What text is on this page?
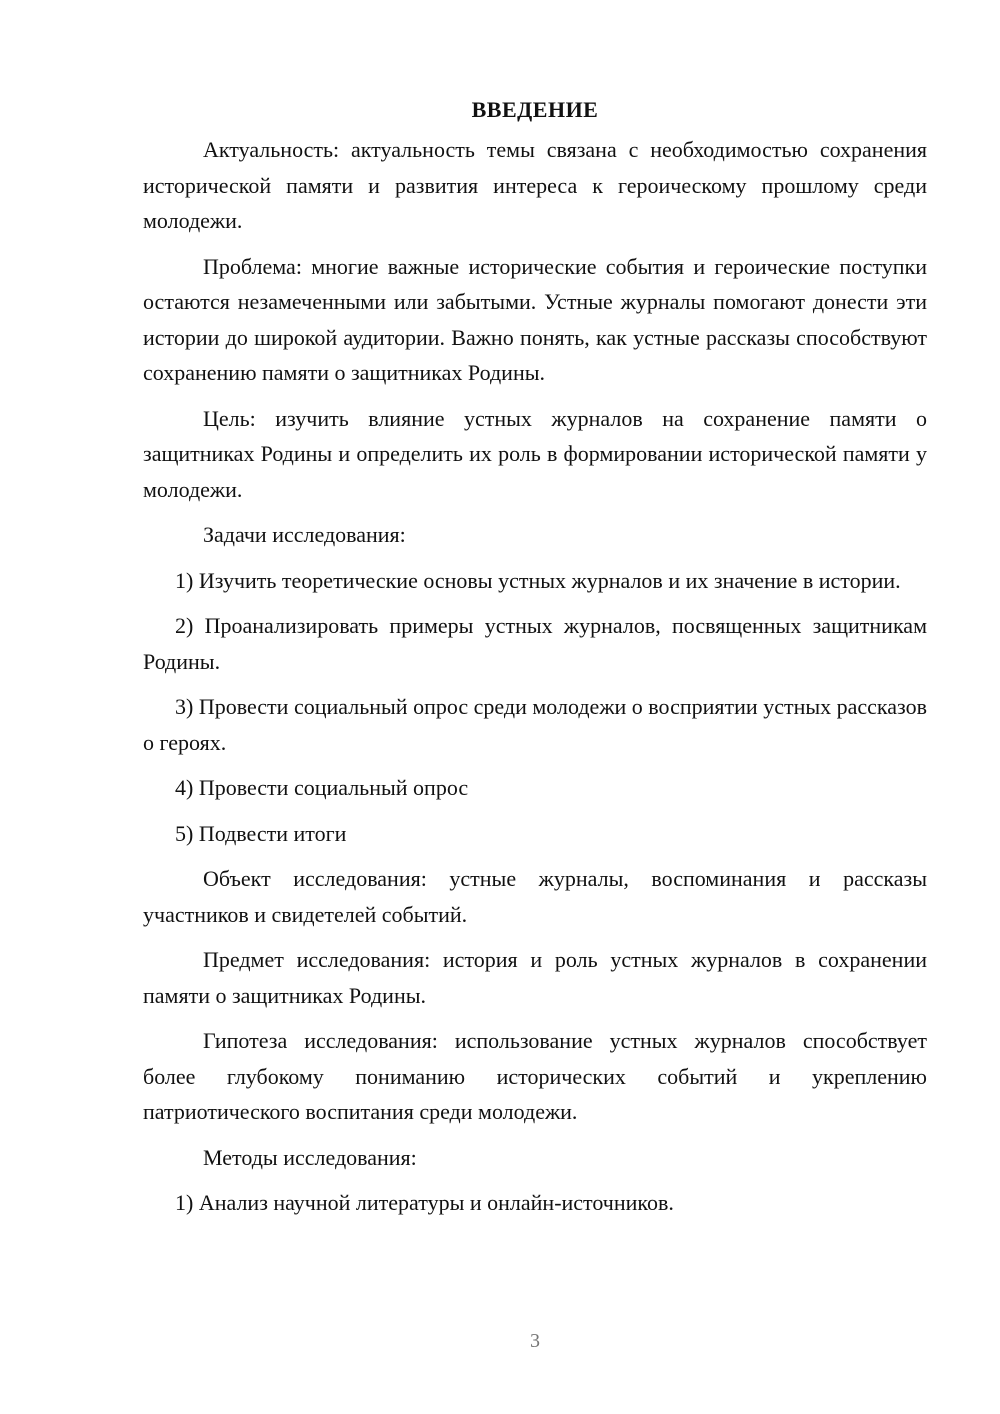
ВВЕДЕНИЕ

Актуальность: актуальность темы связана с необходимостью сохранения исторической памяти и развития интереса к героическому прошлому среди молодежи.

Проблема: многие важные исторические события и героические поступки остаются незамеченными или забытыми. Устные журналы помогают донести эти истории до широкой аудитории. Важно понять, как устные рассказы способствуют сохранению памяти о защитниках Родины.

Цель: изучить влияние устных журналов на сохранение памяти о защитниках Родины и определить их роль в формировании исторической памяти у молодежи.

Задачи исследования:

1) Изучить теоретические основы устных журналов и их значение в истории.

2) Проанализировать примеры устных журналов, посвященных защитникам Родины.

3) Провести социальный опрос среди молодежи о восприятии устных рассказов о героях.

4) Провести социальный опрос

5) Подвести итоги

Объект исследования: устные журналы, воспоминания и рассказы участников и свидетелей событий.

Предмет исследования: история и роль устных журналов в сохранении памяти о защитниках Родины.

Гипотеза исследования: использование устных журналов способствует более глубокому пониманию исторических событий и укреплению патриотического воспитания среди молодежи.

Методы исследования:

1) Анализ научной литературы и онлайн-источников.

3
